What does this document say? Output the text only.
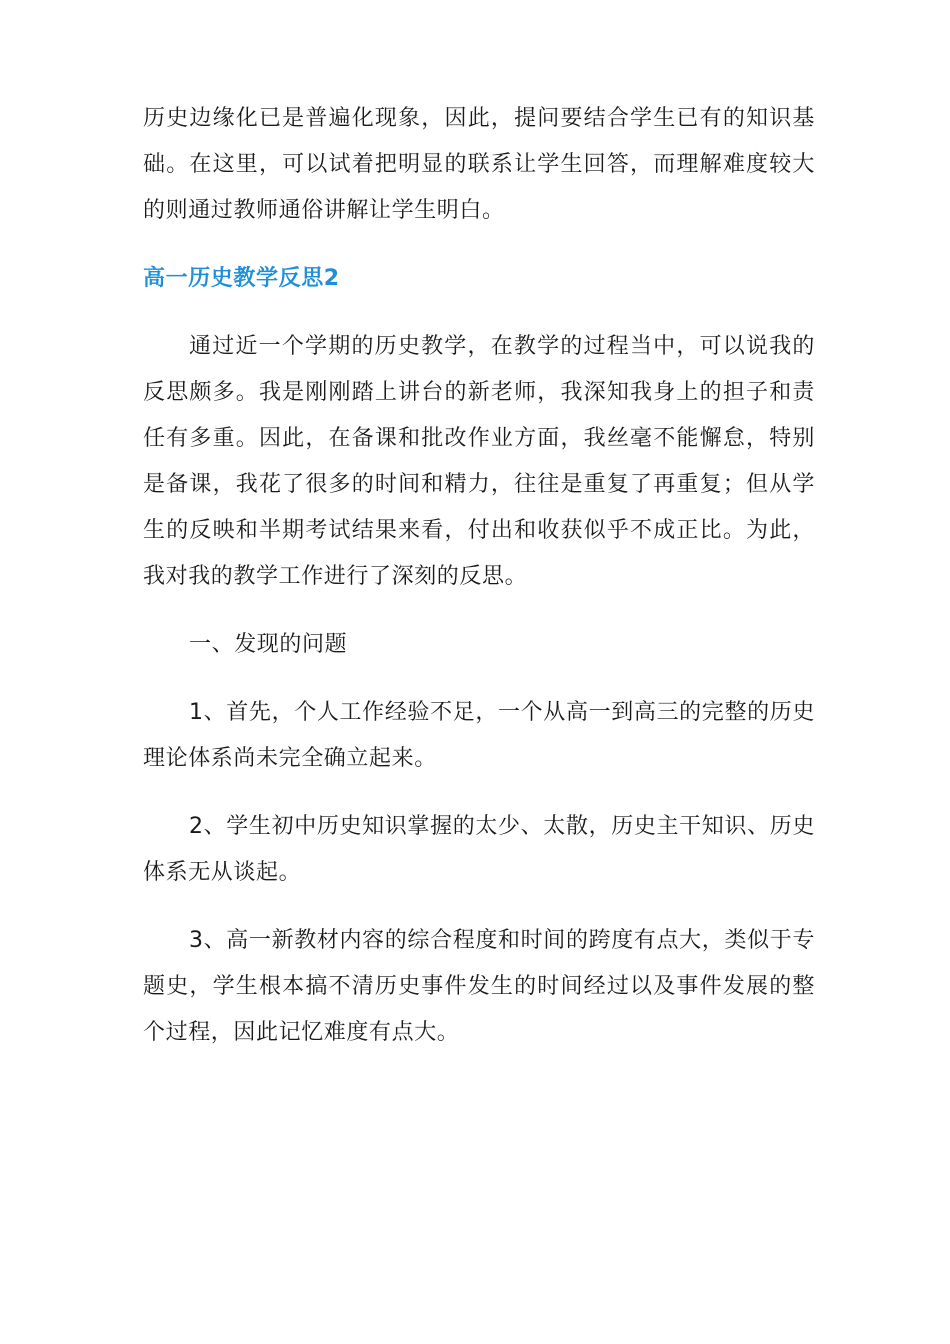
历史边缘化已是普遍化现象，因此，提问要结合学生已有的知识基础。在这里，可以试着把明显的联系让学生回答，而理解难度较大的则通过教师通俗讲解让学生明白。

高一历史教学反思2

通过近一个学期的历史教学，在教学的过程当中，可以说我的反思颇多。我是刚刚踏上讲台的新老师，我深知我身上的担子和责任有多重。因此，在备课和批改作业方面，我丝毫不能懈怠，特别是备课，我花了很多的时间和精力，往往是重复了再重复；但从学生的反映和半期考试结果来看，付出和收获似乎不成正比。为此，我对我的教学工作进行了深刻的反思。

一、发现的问题

1、首先，个人工作经验不足，一个从高一到高三的完整的历史理论体系尚未完全确立起来。

2、学生初中历史知识掌握的太少、太散，历史主干知识、历史体系无从谈起。

3、高一新教材内容的综合程度和时间的跨度有点大，类似于专题史，学生根本搞不清历史事件发生的时间经过以及事件发展的整个过程，因此记忆难度有点大。
